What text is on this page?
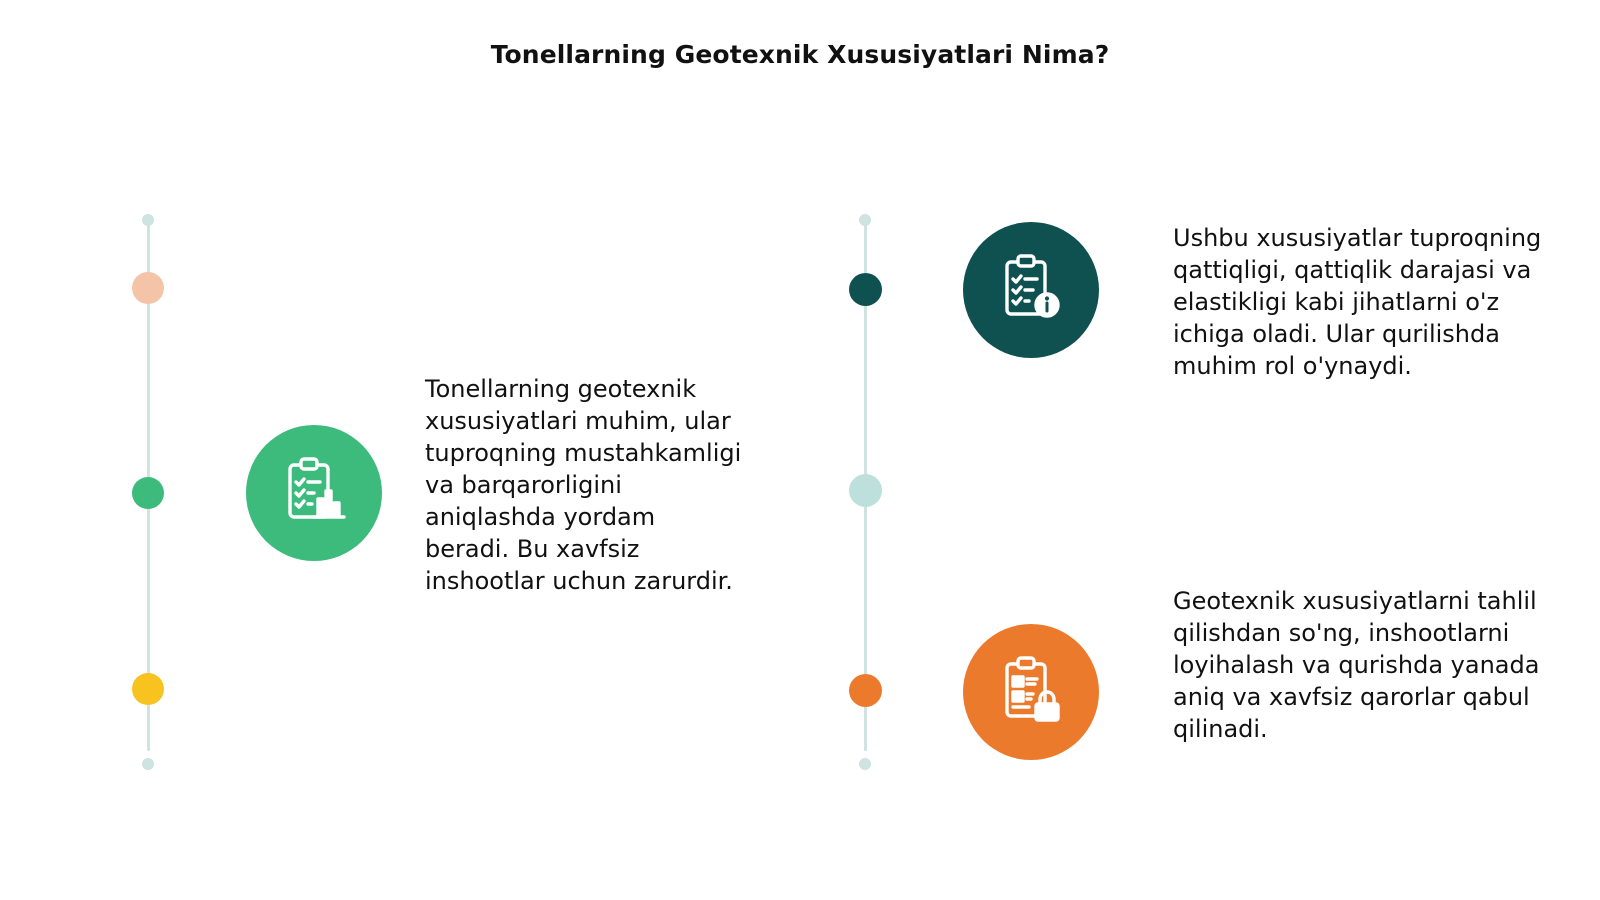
Tonellarning Geotexnik Xususiyatlari Nima?
Tonellarning geotexnik xususiyatlari muhim, ular tuproqning mustahkamligi va barqarorligini aniqlashda yordam beradi. Bu xavfsiz inshootlar uchun zarurdir.
Ushbu xususiyatlar tuproqning qattiqligi, qattiqlik darajasi va elastikligi kabi jihatlarni o'z ichiga oladi. Ular qurilishda muhim rol o'ynaydi.
Geotexnik xususiyatlarni tahlil qilishdan so'ng, inshootlarni loyihalash va qurishda yanada aniq va xavfsiz qarorlar qabul qilinadi.
